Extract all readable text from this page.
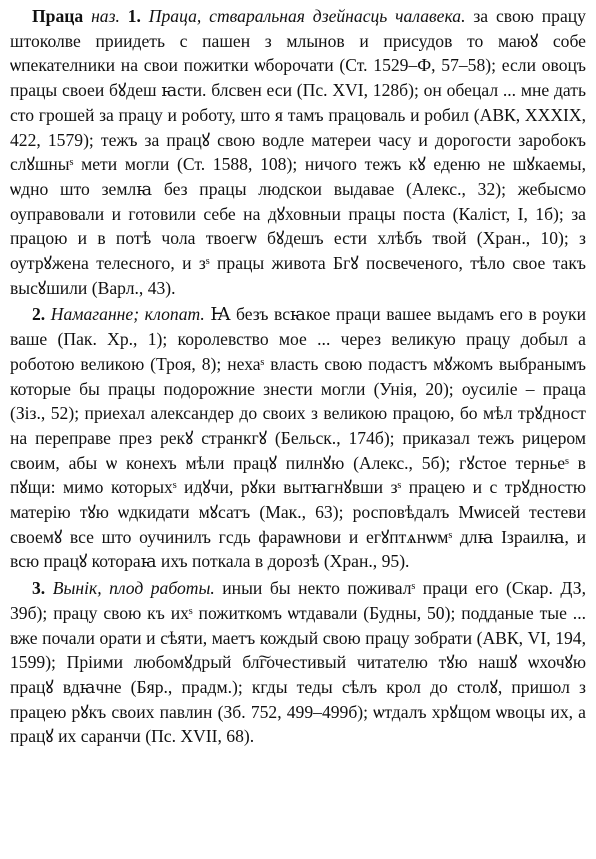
Праца наз. 1. Праца, стваральная дзейнасць чалавека. за свою працу штоколве приидеть с пашен з млынов и присудов то маюꙋ собе ѡпекателники на свои пожитки ѡборочати (Ст. 1529–Ф, 57–58); если овоцъ працы своеи бꙋдеш ꙗсти. блсвен еси (Пс. XVI, 128б); он обецал ... мне дать сто грошей за працу и роботу, што я тамъ працоваль и робил (АВК, XXXIX, 422, 1579); тежъ за працꙋ свою водле матереи часу и дорогости заробокъ слꙋшныˢ мети могли (Ст. 1588, 108); ничого тежъ кꙋ еденю не шꙋкаемы, ѡдно што землꙗ без працы людскои выдавае (Алекс., 32); жебысмо оуправовали и готовили себе на дꙋховныи працы поста (Каліст, I, 1б); за працою и в потѣ чола твоегѡ бꙋдешъ ести хлѣбъ твой (Хран., 10); з оутрꙋжена телесного, и зˢ працы живота Бгꙋ посвеченого, тѣло свое такъ высꙋшили (Варл., 43).

2. Намаганне; клопат. Ꙗ безъ всꙗкое праци вашее выдамъ его в роуки ваше (Пак. Хр., 1); королевство мое ... через великую працу добыл а роботою великою (Троя, 8); нехаˢ власть свою подастъ мꙋжомъ выбранымъ которые бы працы подорожние знести могли (Унія, 20); оусиліе – праца (Зіз., 52); приехал александер до своих з великою працою, бо мѣл трꙋдност на переправе през рекꙋ странкгꙋ (Бельск., 174б); приказал тежъ рицером своим, абы ѡ конехъ мѣли працꙋ пилнꙋю (Алекс., 5б); гꙋстое терньеˢ в пꙋщи: мимо которыхˢ идꙋчи, рꙋки вытꙗгнꙋвши зˢ працею и с трꙋдностю матерію тꙋю ѡдкидати мꙋсатъ (Мак., 63); росповѣдалъ Мѡисей тестеви своемꙋ все што оучинилъ гсдь фараѡнови и егꙋптѧнѡмˢ длꙗ Ізраилꙗ, и всю працꙋ котораꙗ ихъ поткала в дорозѣ (Хран., 95).

3. Вынік, плод работы. иныи бы некто поживалˢ праци его (Скар. ДЗ, 39б); працу свою къ ихˢ пожиткомъ ѡтдавали (Будны, 50); подданые тые ... вже почали орати и сѣяти, маетъ кождый свою працу зобрати (АВК, VI, 194, 1599); Пріими любомꙋдрый бл͠гочестивый читателю тꙋю нашꙋ ѡхочꙋю працꙋ вдꙗчне (Бяр., прадм.); кгды теды сѣлъ крол до столꙋ, пришол з працею рꙋкъ своих павлин (Зб. 752, 499–499б); ѡтдалъ хрꙋщом ѡвоцы их, а працꙋ их саранчи (Пс. XVII, 68).
